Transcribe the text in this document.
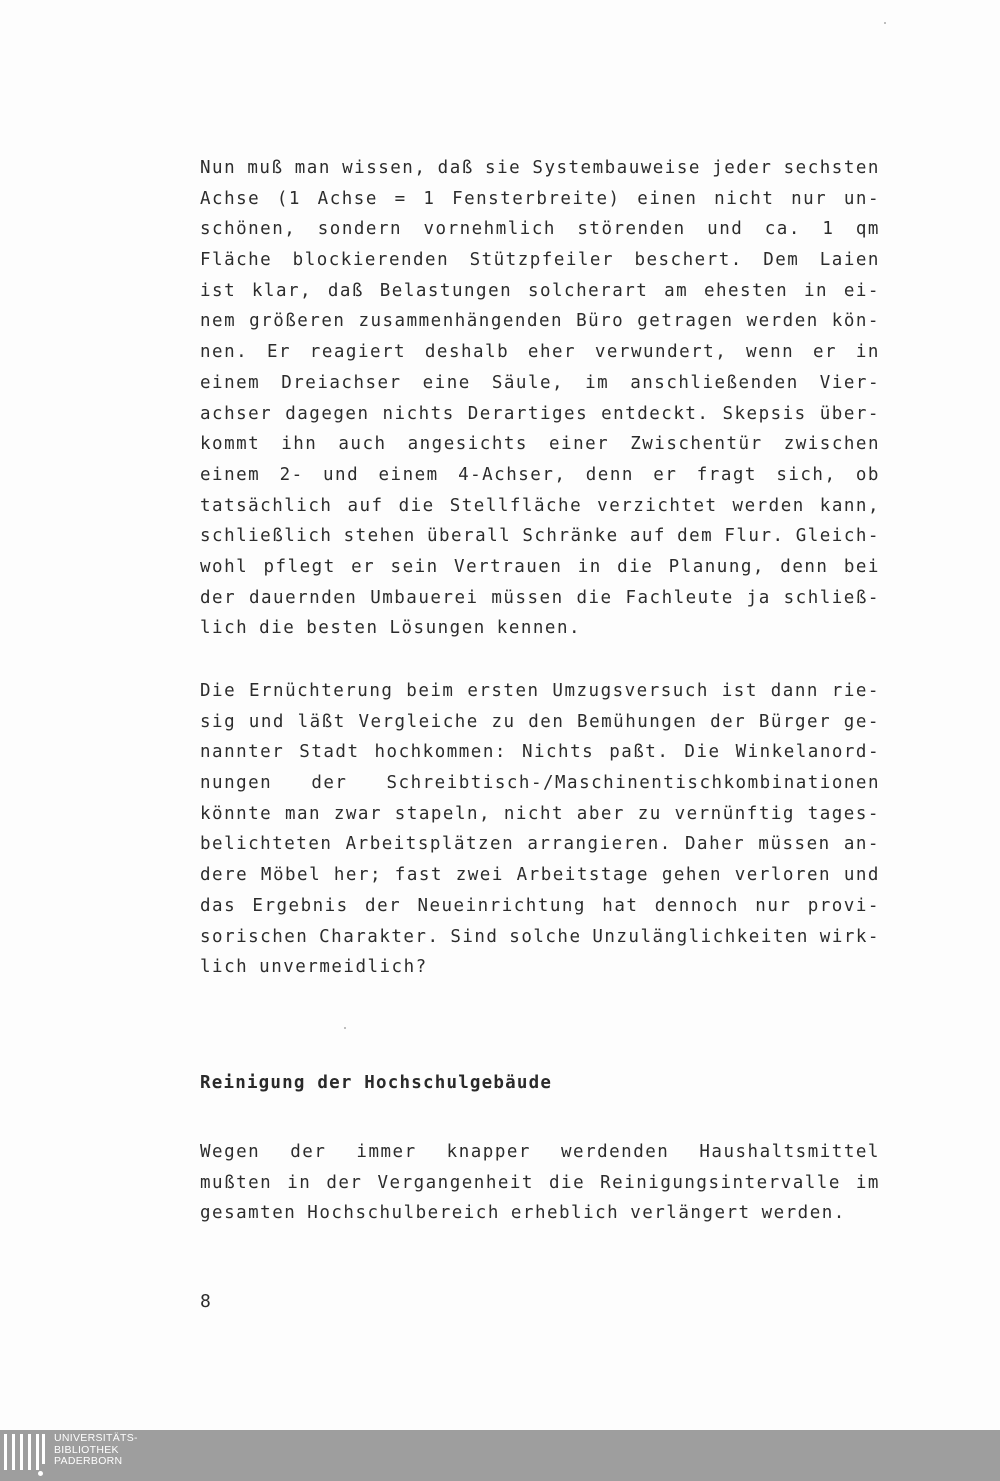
Nun muß man wissen, daß sie Systembauweise jeder sechsten
Achse (1 Achse = 1 Fensterbreite) einen nicht nur un-
schönen, sondern vornehmlich störenden und ca. 1 qm
Fläche blockierenden Stützpfeiler beschert. Dem Laien
ist klar, daß Belastungen solcherart am ehesten in ei-
nem größeren zusammenhängenden Büro getragen werden kön-
nen. Er reagiert deshalb eher verwundert, wenn er in
einem Dreiachser eine Säule, im anschließenden Vier-
achser dagegen nichts Derartiges entdeckt. Skepsis über-
kommt ihn auch angesichts einer Zwischentür zwischen
einem 2- und einem 4-Achser, denn er fragt sich, ob
tatsächlich auf die Stellfläche verzichtet werden kann,
schließlich stehen überall Schränke auf dem Flur. Gleich-
wohl pflegt er sein Vertrauen in die Planung, denn bei
der dauernden Umbauerei müssen die Fachleute ja schließ-
lich die besten Lösungen kennen.
Die Ernüchterung beim ersten Umzugsversuch ist dann rie-
sig und läßt Vergleiche zu den Bemühungen der Bürger ge-
nannter Stadt hochkommen: Nichts paßt. Die Winkelanord-
nungen der Schreibtisch-/Maschinentischkombinationen
könnte man zwar stapeln, nicht aber zu vernünftig tages-
belichteten Arbeitsplätzen arrangieren. Daher müssen an-
dere Möbel her; fast zwei Arbeitstage gehen verloren und
das Ergebnis der Neueinrichtung hat dennoch nur provi-
sorischen Charakter. Sind solche Unzulänglichkeiten wirk-
lich unvermeidlich?
Reinigung der Hochschulgebäude
Wegen der immer knapper werdenden Haushaltsmittel
mußten in der Vergangenheit die Reinigungsintervalle im
gesamten Hochschulbereich erheblich verlängert werden.
8
UNIVERSITÄTS-
BIBLIOTHEK
PADERBORN
